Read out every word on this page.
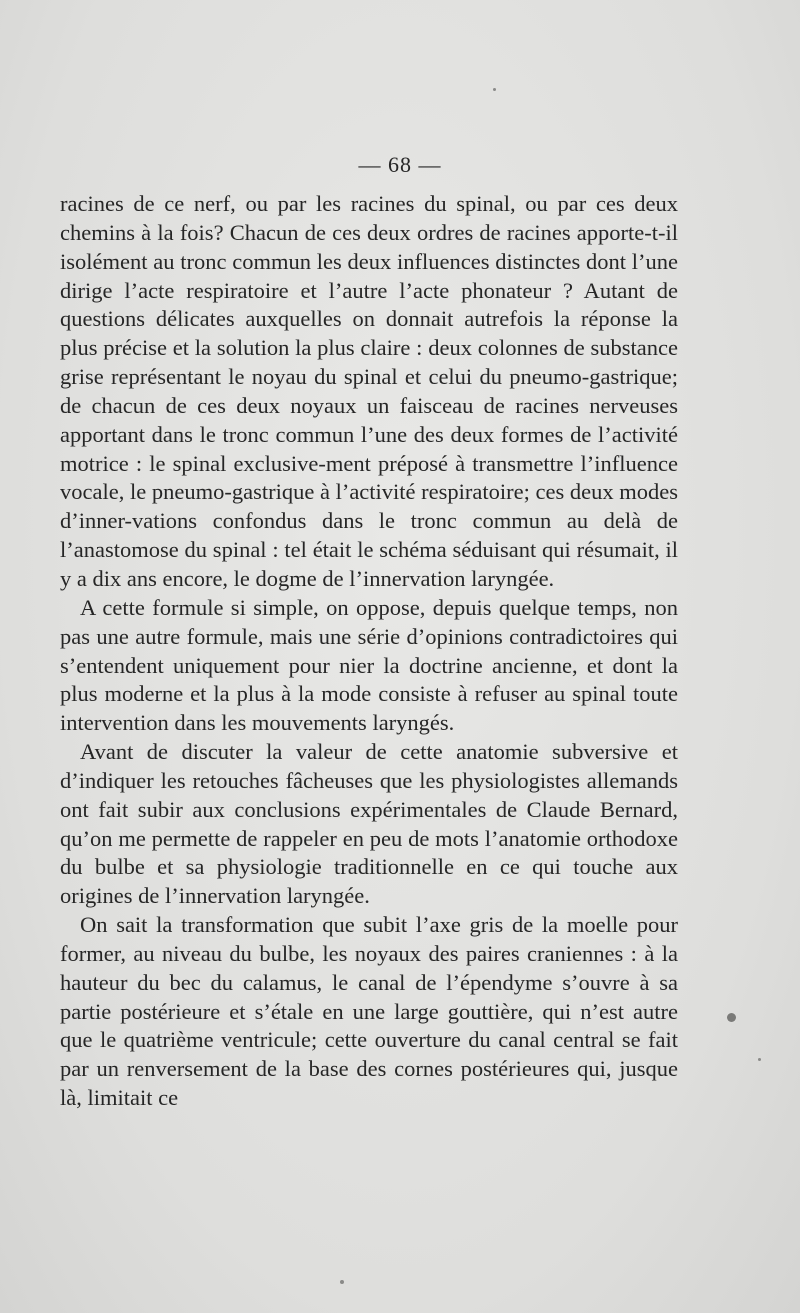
— 68 —

racines de ce nerf, ou par les racines du spinal, ou par ces deux chemins à la fois? Chacun de ces deux ordres de racines apporte-t-il isolément au tronc commun les deux influences distinctes dont l’une dirige l’acte respiratoire et l’autre l’acte phonateur ? Autant de questions délicates auxquelles on donnait autrefois la réponse la plus précise et la solution la plus claire : deux colonnes de substance grise représentant le noyau du spinal et celui du pneumo-gastrique; de chacun de ces deux noyaux un faisceau de racines nerveuses apportant dans le tronc commun l’une des deux formes de l’activité motrice : le spinal exclusive-ment préposé à transmettre l’influence vocale, le pneumo-gastrique à l’activité respiratoire; ces deux modes d’inner-vations confondus dans le tronc commun au delà de l’anastomose du spinal : tel était le schéma séduisant qui résumait, il y a dix ans encore, le dogme de l’innervation laryngée.

A cette formule si simple, on oppose, depuis quelque temps, non pas une autre formule, mais une série d’opinions contradictoires qui s’entendent uniquement pour nier la doctrine ancienne, et dont la plus moderne et la plus à la mode consiste à refuser au spinal toute intervention dans les mouvements laryngés.

Avant de discuter la valeur de cette anatomie subversive et d’indiquer les retouches fâcheuses que les physiologistes allemands ont fait subir aux conclusions expérimentales de Claude Bernard, qu’on me permette de rappeler en peu de mots l’anatomie orthodoxe du bulbe et sa physiologie traditionnelle en ce qui touche aux origines de l’innervation laryngée.

On sait la transformation que subit l’axe gris de la moelle pour former, au niveau du bulbe, les noyaux des paires craniennes : à la hauteur du bec du calamus, le canal de l’épendyme s’ouvre à sa partie postérieure et s’étale en une large gouttière, qui n’est autre que le quatrième ventricule; cette ouverture du canal central se fait par un renversement de la base des cornes postérieures qui, jusque là, limitait ce
